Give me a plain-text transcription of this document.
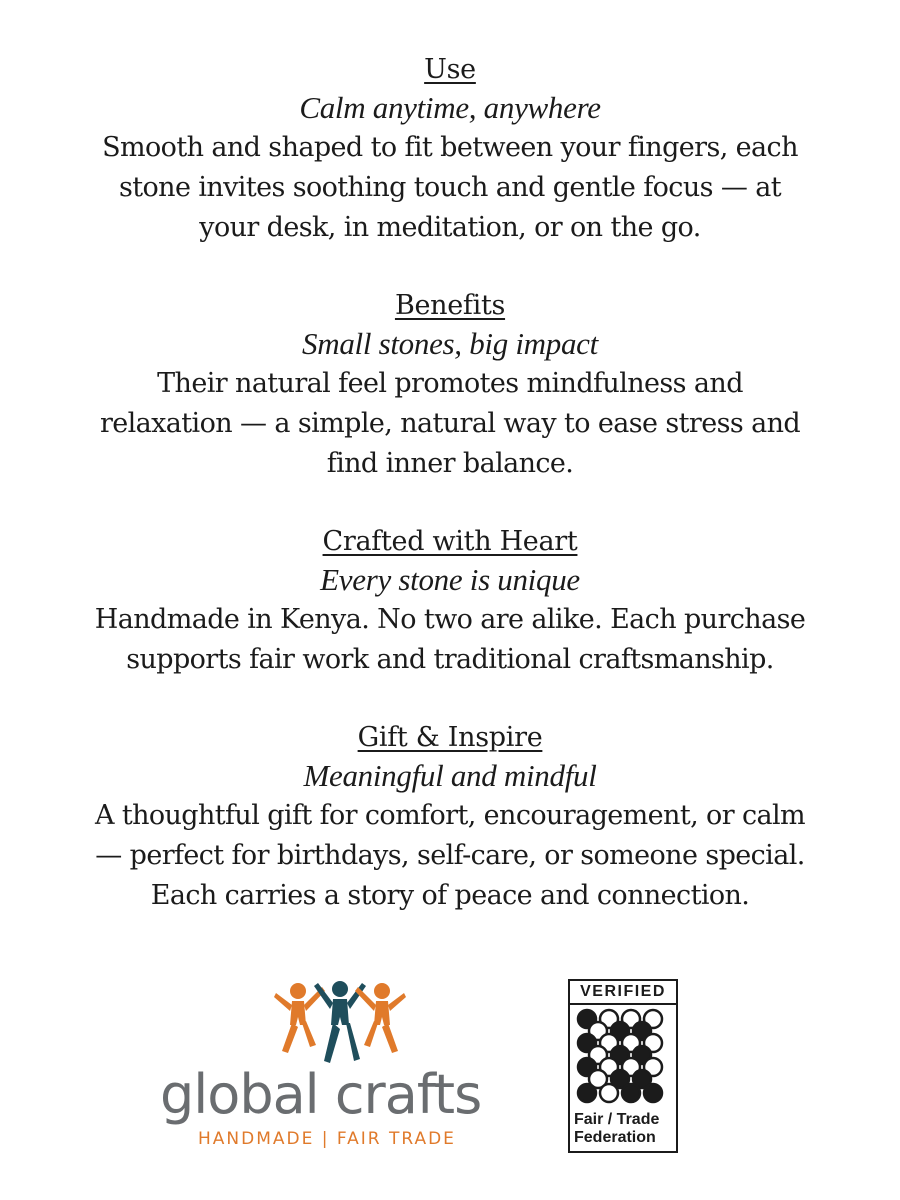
Use

Calm anytime, anywhere

Smooth and shaped to fit between your fingers, each

stone invites soothing touch and gentle focus — at

your desk, in meditation, or on the go.

Benefits

Small stones, big impact

Their natural feel promotes mindfulness and

relaxation — a simple, natural way to ease stress and

find inner balance.

Crafted with Heart

Every stone is unique

Handmade in Kenya. No two are alike. Each purchase

supports fair work and traditional craftsmanship.

Gift & Inspire

Meaningful and mindful

A thoughtful gift for comfort, encouragement, or calm

— perfect for birthdays, self-care, or someone special.

Each carries a story of peace and connection.

global crafts
HANDMADE | FAIR TRADE
VERIFIED
Fair / Trade
Federation
